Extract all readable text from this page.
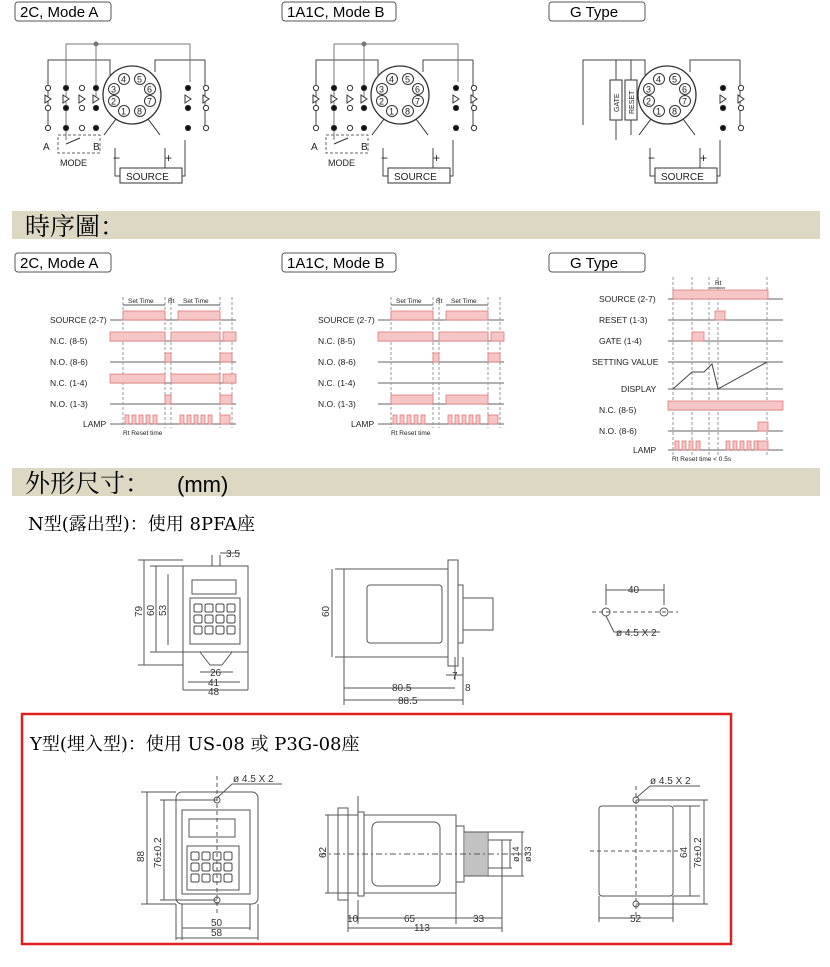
2C, Mode A	1A1C, Mode B	G Type
A	B
MODE
1
2
3
4 5
6
7
8
−	+
SOURCE
A	B
MODE
1
2
3
4 5
6
7
8
−	+
SOURCE
GATE RESET 1
2
3
4 5
6
7
8
−	+
SOURCE
時序圖：
2C, Mode A	1A1C, Mode B	G Type
SOURCE (2-7)
N.C. (8-5)
N.O. (8-6)
N.C. (1-4)
N.O. (1-3)
LAMP
Set Time	Set Time
Rt
Rt Reset time
SOURCE (2-7)
N.C. (8-5)
N.O. (8-6)
N.C. (1-4)
N.O. (1-3)
LAMP
Set Time	Set Time
Rt
Rt Reset time
SOURCE (2-7)
RESET (1-3)
GATE (1-4)
SETTING VALUE
DISPLAY
N.C. (8-5)
N.O. (8-6)
LAMP
Rt
Rt Reset time < 0.5s
外形尺寸： (mm)
N型(露出型)：使用 8PFA座
3.5
79 60 53
26
41
48
60
7
8
80.5
88.5
40
ø 4.5 X 2
Y型(埋入型)：使用 US-08 或 P3G-08座
ø 4.5 X 2
88 76±0.2
50
58
62	ø14 ø33
10	65	33
113
ø 4.5 X 2
64 76±0.2
52
